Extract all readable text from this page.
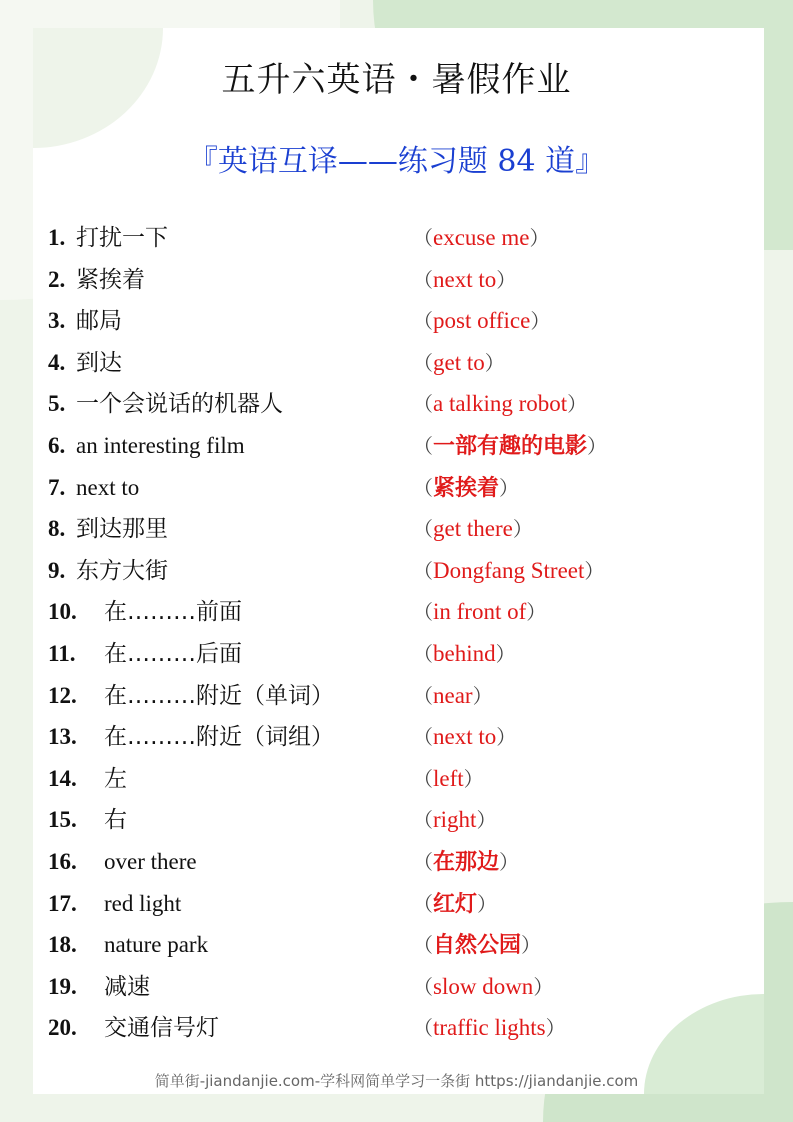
五升六英语・暑假作业
『英语互译——练习题 84 道』
1. 打扰一下	（excuse me）
2. 紧挨着	（next to）
3. 邮局	（post office）
4. 到达	（get to）
5. 一个会说话的机器人	（a talking robot）
6. an interesting film	（一部有趣的电影）
7. next to	（紧挨着）
8. 到达那里	（get there）
9. 东方大街	（Dongfang Street）
10. 在………前面	（in front of）
11. 在………后面	（behind）
12. 在………附近（单词）	（near）
13. 在………附近（词组）	（next to）
14. 左	（left）
15. 右	（right）
16. over there	（在那边）
17. red light	（红灯）
18. nature park	（自然公园）
19. 减速	（slow down）
20. 交通信号灯	（traffic lights）
简单街-jiandanjie.com-学科网简单学习一条街 https://jiandanjie.com
